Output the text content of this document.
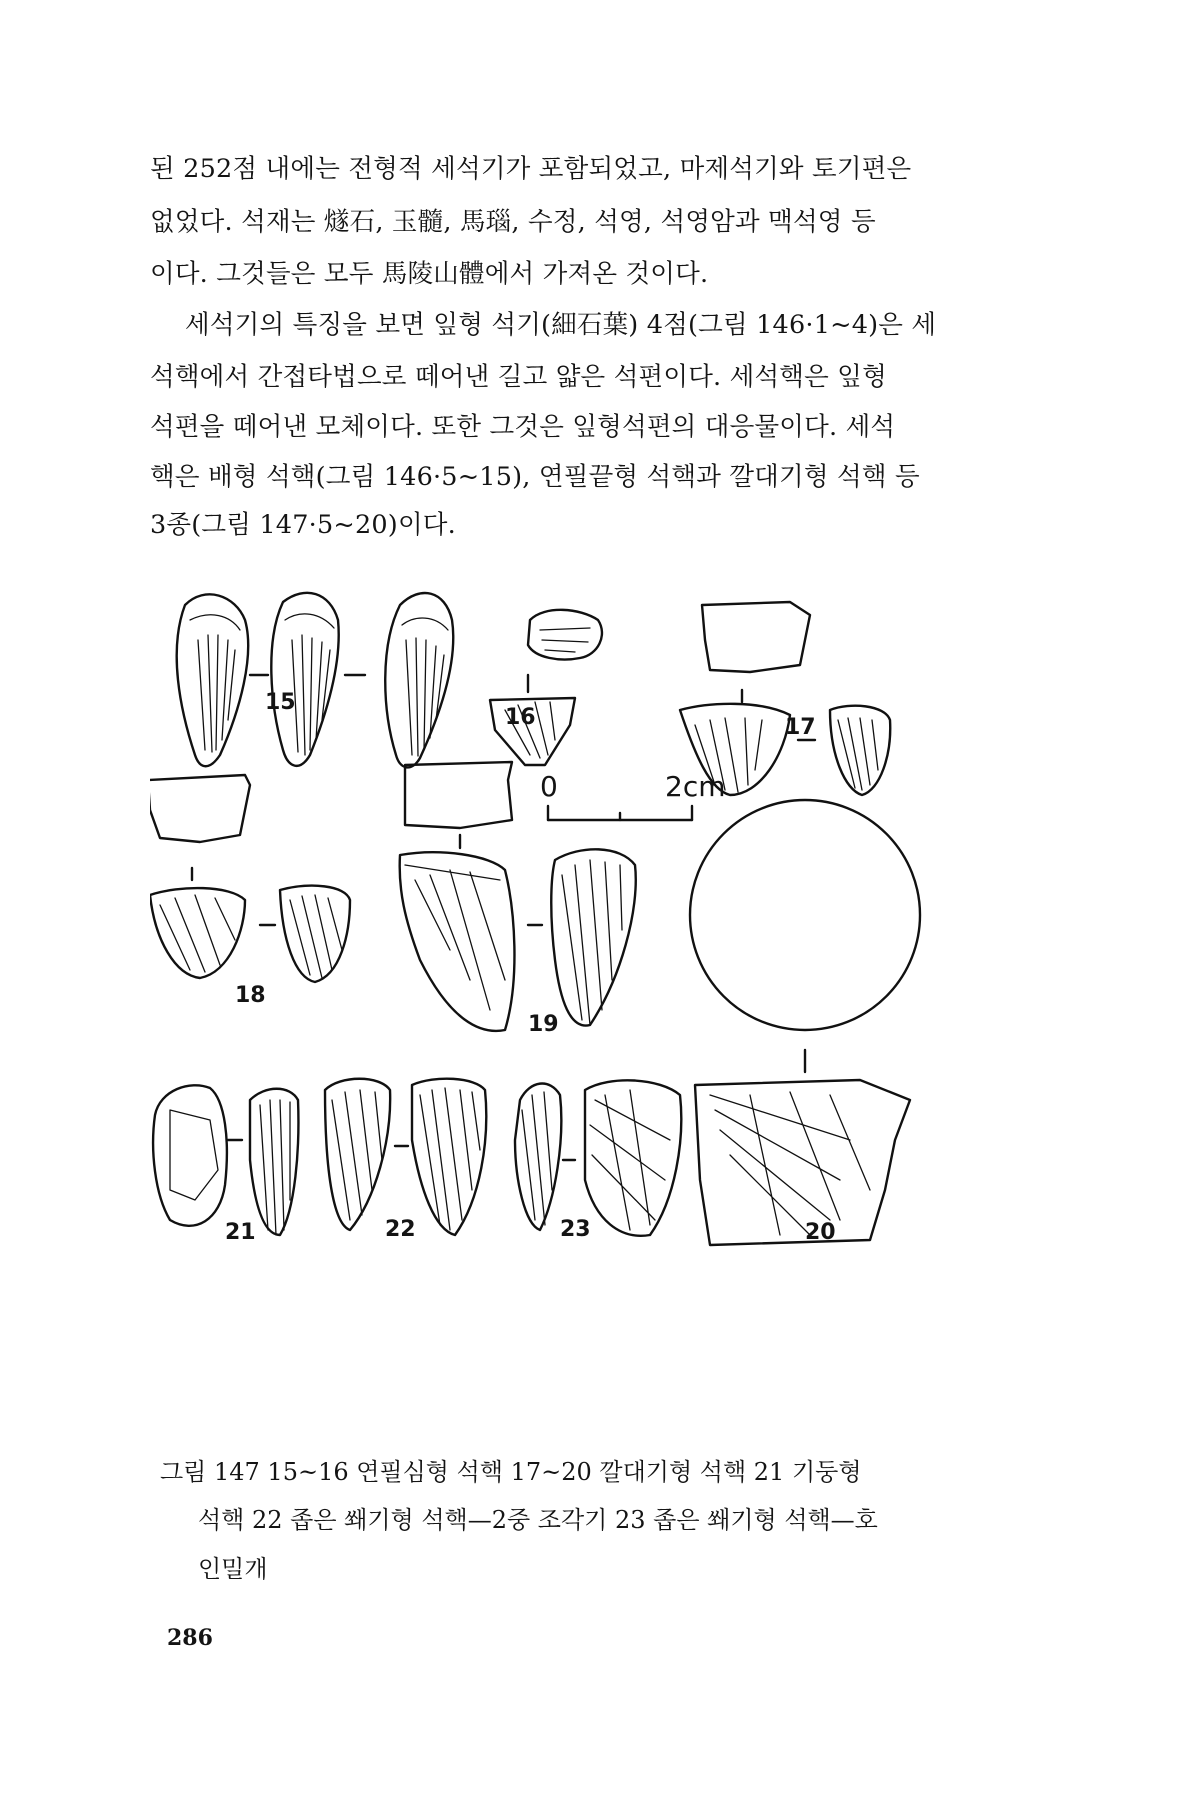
된 252점 내에는 전형적 세석기가 포함되었고, 마제석기와 토기편은
없었다. 석재는 燧石, 玉髓, 馬瑙, 수정, 석영, 석영암과 맥석영 등
이다. 그것들은 모두 馬陵山體에서 가져온 것이다.
세석기의 특징을 보면 잎형 석기(細石葉) 4점(그림 146·1~4)은 세
석핵에서 간접타법으로 떼어낸 길고 얇은 석편이다. 세석핵은 잎형
석편을 떼어낸 모체이다. 또한 그것은 잎형석편의 대응물이다. 세석
핵은 배형 석핵(그림 146·5~15), 연필끝형 석핵과 깔대기형 석핵 등
3종(그림 147·5~20)이다.
15
16	17
18
19
20
21	22	23
0	2cm
그림 147 15~16 연필심형 석핵 17~20 깔대기형 석핵 21 기둥형
석핵 22 좁은 쐐기형 석핵—2중 조각기 23 좁은 쐐기형 석핵—호
인밀개
286
